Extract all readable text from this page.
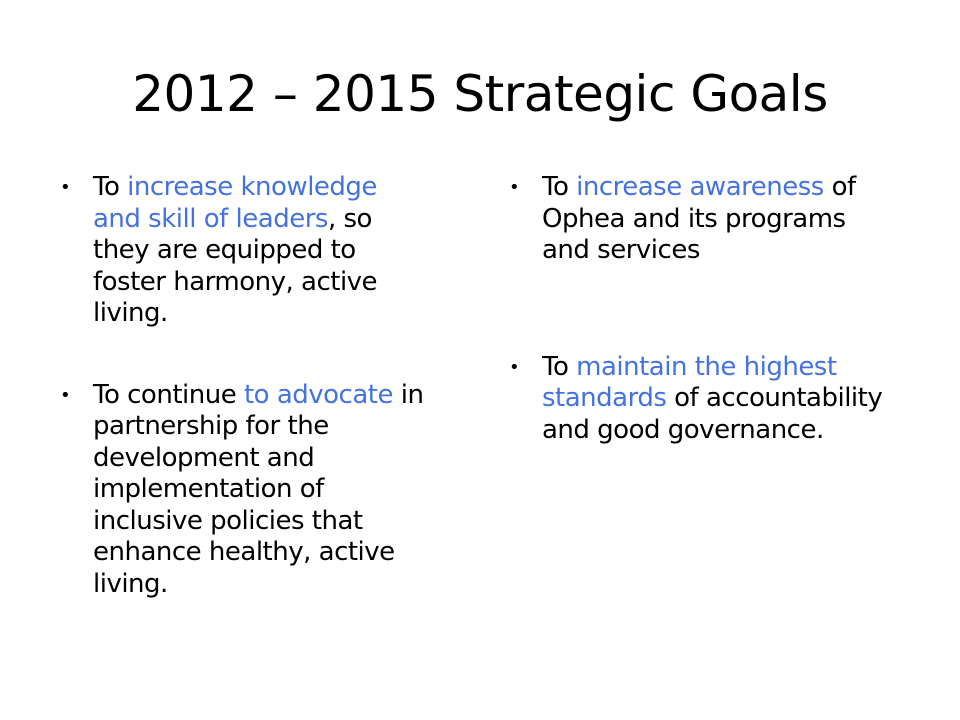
2012 – 2015 Strategic Goals
• To increase knowledge and skill of leaders, so they are equipped to foster harmony, active living.
• To continue to advocate in partnership for the development and implementation of inclusive policies that enhance healthy, active living.
• To increase awareness of Ophea and its programs and services
• To maintain the highest standards of accountability and good governance.
